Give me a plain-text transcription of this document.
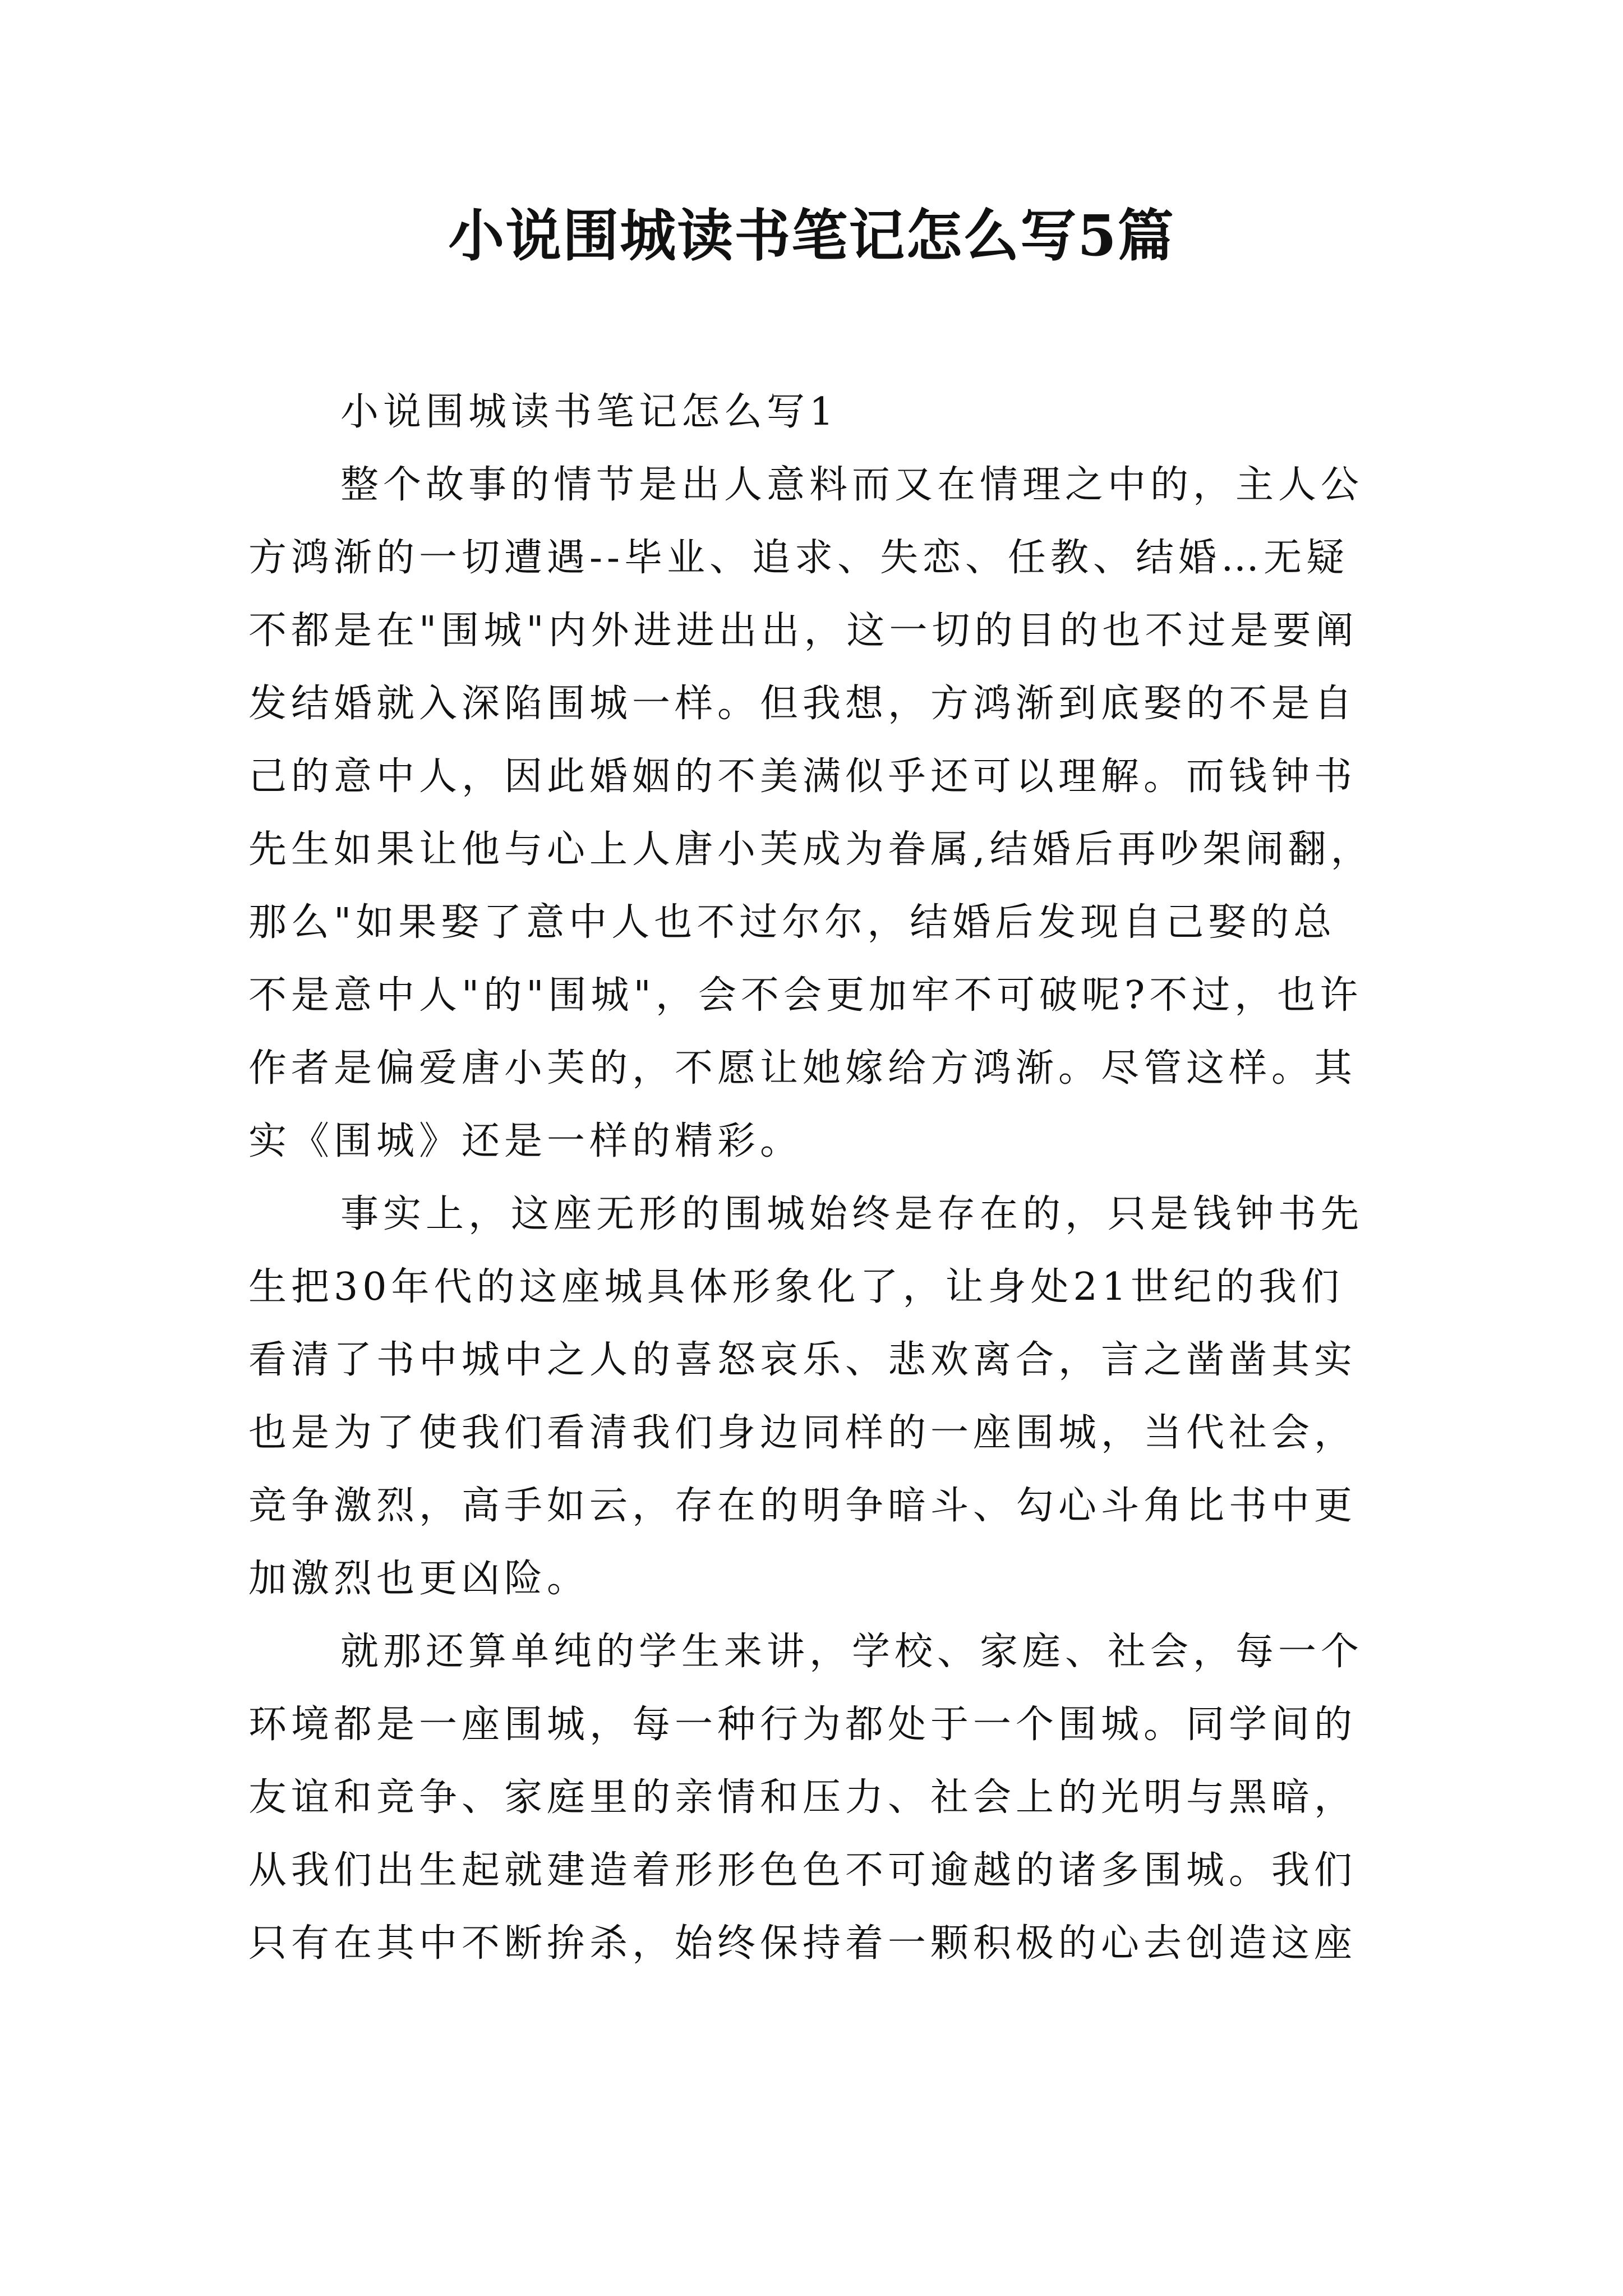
小说围城读书笔记怎么写5篇
小说围城读书笔记怎么写1
整个故事的情节是出人意料而又在情理之中的，主人公
方鸿渐的一切遭遇--毕业、追求、失恋、任教、结婚…无疑
不都是在"围城"内外进进出出，这一切的目的也不过是要阐
发结婚就入深陷围城一样。但我想，方鸿渐到底娶的不是自
己的意中人，因此婚姻的不美满似乎还可以理解。而钱钟书
先生如果让他与心上人唐小芙成为眷属,结婚后再吵架闹翻，
那么"如果娶了意中人也不过尔尔，结婚后发现自己娶的总
不是意中人"的"围城"，会不会更加牢不可破呢?不过，也许
作者是偏爱唐小芙的，不愿让她嫁给方鸿渐。尽管这样。其
实《围城》还是一样的精彩。
事实上，这座无形的围城始终是存在的，只是钱钟书先
生把30年代的这座城具体形象化了，让身处21世纪的我们
看清了书中城中之人的喜怒哀乐、悲欢离合，言之凿凿其实
也是为了使我们看清我们身边同样的一座围城，当代社会，
竞争激烈，高手如云，存在的明争暗斗、勾心斗角比书中更
加激烈也更凶险。
就那还算单纯的学生来讲，学校、家庭、社会，每一个
环境都是一座围城，每一种行为都处于一个围城。同学间的
友谊和竞争、家庭里的亲情和压力、社会上的光明与黑暗，
从我们出生起就建造着形形色色不可逾越的诸多围城。我们
只有在其中不断拚杀，始终保持着一颗积极的心去创造这座
